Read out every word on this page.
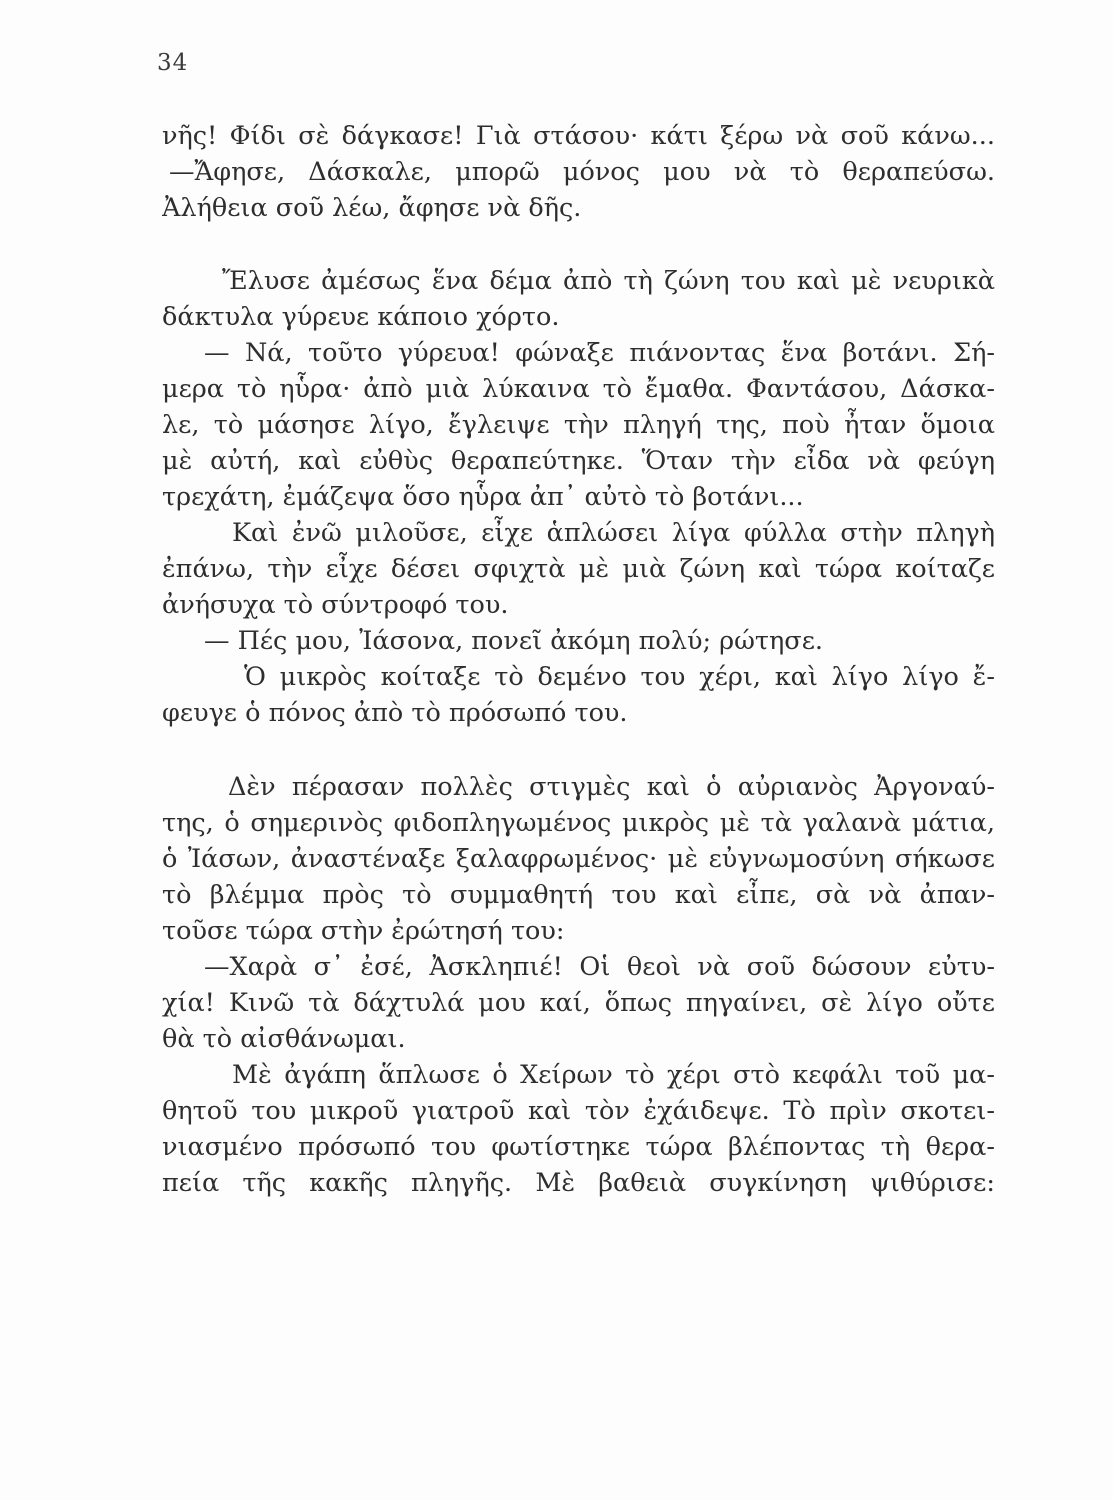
34
νῆς! Φίδι σὲ δάγκασε! Γιὰ στάσου· κάτι ξέρω νὰ σοῦ κάνω...
—Ἄφησε, Δάσκαλε, μπορῶ μόνος μου νὰ τὸ θεραπεύσω.
Ἀλήθεια σοῦ λέω, ἄφησε νὰ δῆς.
Ἔλυσε ἀμέσως ἕνα δέμα ἀπὸ τὴ ζώνη του καὶ μὲ νευρικὰ
δάκτυλα γύρευε κάποιο χόρτο.
— Νά, τοῦτο γύρευα! φώναξε πιάνοντας ἕνα βοτάνι. Σή-
μερα τὸ ηὗρα· ἀπὸ μιὰ λύκαινα τὸ ἔμαθα. Φαντάσου, Δάσκα-
λε, τὸ μάσησε λίγο, ἔγλειψε τὴν πληγή της, ποὺ ἦταν ὅμοια
μὲ αὐτή, καὶ εὐθὺς θεραπεύτηκε. Ὅταν τὴν εἶδα νὰ φεύγη
τρεχάτη, ἐμάζεψα ὅσο ηὗρα ἀπ᾽ αὐτὸ τὸ βοτάνι...
Καὶ ἐνῶ μιλοῦσε, εἶχε ἁπλώσει λίγα φύλλα στὴν πληγὴ
ἐπάνω, τὴν εἶχε δέσει σφιχτὰ μὲ μιὰ ζώνη καὶ τώρα κοίταζε
ἀνήσυχα τὸ σύντροφό του.
— Πές μου, Ἰάσονα, πονεῖ ἀκόμη πολύ; ρώτησε.
Ὁ μικρὸς κοίταξε τὸ δεμένο του χέρι, καὶ λίγο λίγο ἔ-
φευγε ὁ πόνος ἀπὸ τὸ πρόσωπό του.
Δὲν πέρασαν πολλὲς στιγμὲς καὶ ὁ αὐριανὸς Ἀργοναύ-
της, ὁ σημερινὸς φιδοπληγωμένος μικρὸς μὲ τὰ γαλανὰ μάτια,
ὁ Ἰάσων, ἀναστέναξε ξαλαφρωμένος· μὲ εὐγνωμοσύνη σήκωσε
τὸ βλέμμα πρὸς τὸ συμμαθητή του καὶ εἶπε, σὰ νὰ ἀπαν-
τοῦσε τώρα στὴν ἐρώτησή του:
—Χαρὰ σ᾽ ἐσέ, Ἀσκληπιέ! Οἱ θεοὶ νὰ σοῦ δώσουν εὐτυ-
χία! Κινῶ τὰ δάχτυλά μου καί, ὅπως πηγαίνει, σὲ λίγο οὔτε
θὰ τὸ αἰσθάνωμαι.
Μὲ ἀγάπη ἅπλωσε ὁ Χείρων τὸ χέρι στὸ κεφάλι τοῦ μα-
θητοῦ του μικροῦ γιατροῦ καὶ τὸν ἐχάιδεψε. Τὸ πρὶν σκοτει-
νιασμένο πρόσωπό του φωτίστηκε τώρα βλέποντας τὴ θερα-
πεία τῆς κακῆς πληγῆς. Μὲ βαθειὰ συγκίνηση ψιθύρισε:
